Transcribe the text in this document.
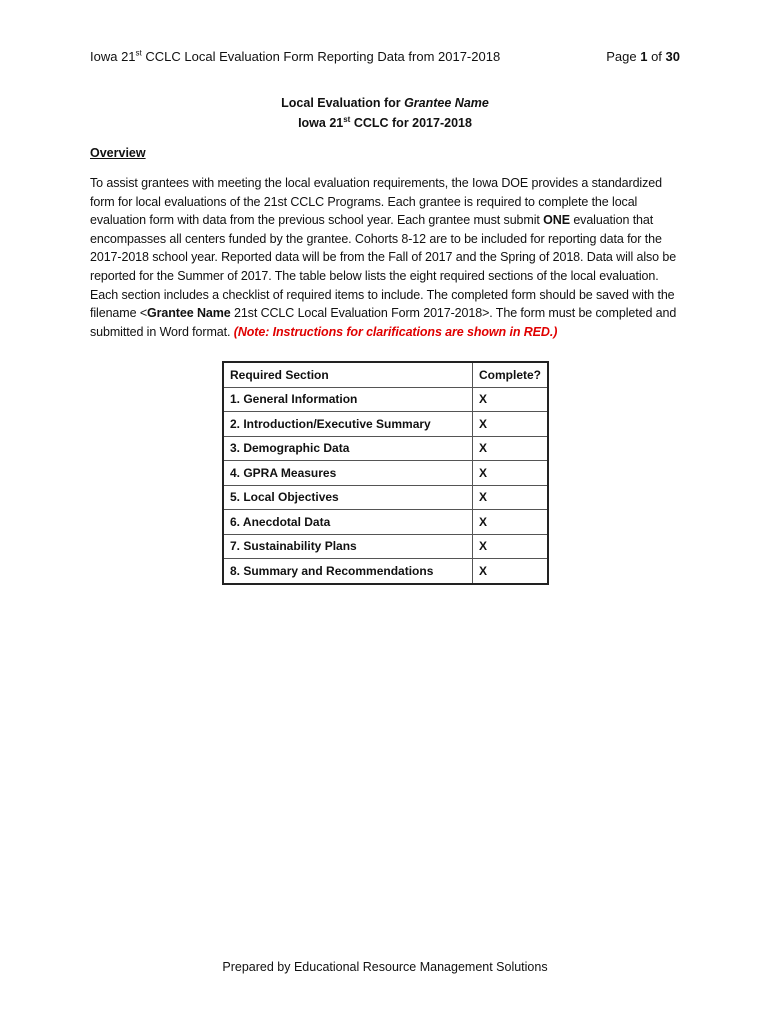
Iowa 21st CCLC Local Evaluation Form Reporting Data from 2017-2018	Page 1 of 30
Local Evaluation for Grantee Name
Iowa 21st CCLC for 2017-2018
Overview
To assist grantees with meeting the local evaluation requirements, the Iowa DOE provides a standardized form for local evaluations of the 21st CCLC Programs. Each grantee is required to complete the local evaluation form with data from the previous school year. Each grantee must submit ONE evaluation that encompasses all centers funded by the grantee. Cohorts 8-12 are to be included for reporting data for the 2017-2018 school year. Reported data will be from the Fall of 2017 and the Spring of 2018. Data will also be reported for the Summer of 2017. The table below lists the eight required sections of the local evaluation. Each section includes a checklist of required items to include. The completed form should be saved with the filename <Grantee Name 21st CCLC Local Evaluation Form 2017-2018>. The form must be completed and submitted in Word format. (Note: Instructions for clarifications are shown in RED.)
Required Section	Complete?
1. General Information	X
2. Introduction/Executive Summary	X
3. Demographic Data	X
4. GPRA Measures	X
5. Local Objectives	X
6. Anecdotal Data	X
7. Sustainability Plans	X
8. Summary and Recommendations	X
Prepared by Educational Resource Management Solutions
